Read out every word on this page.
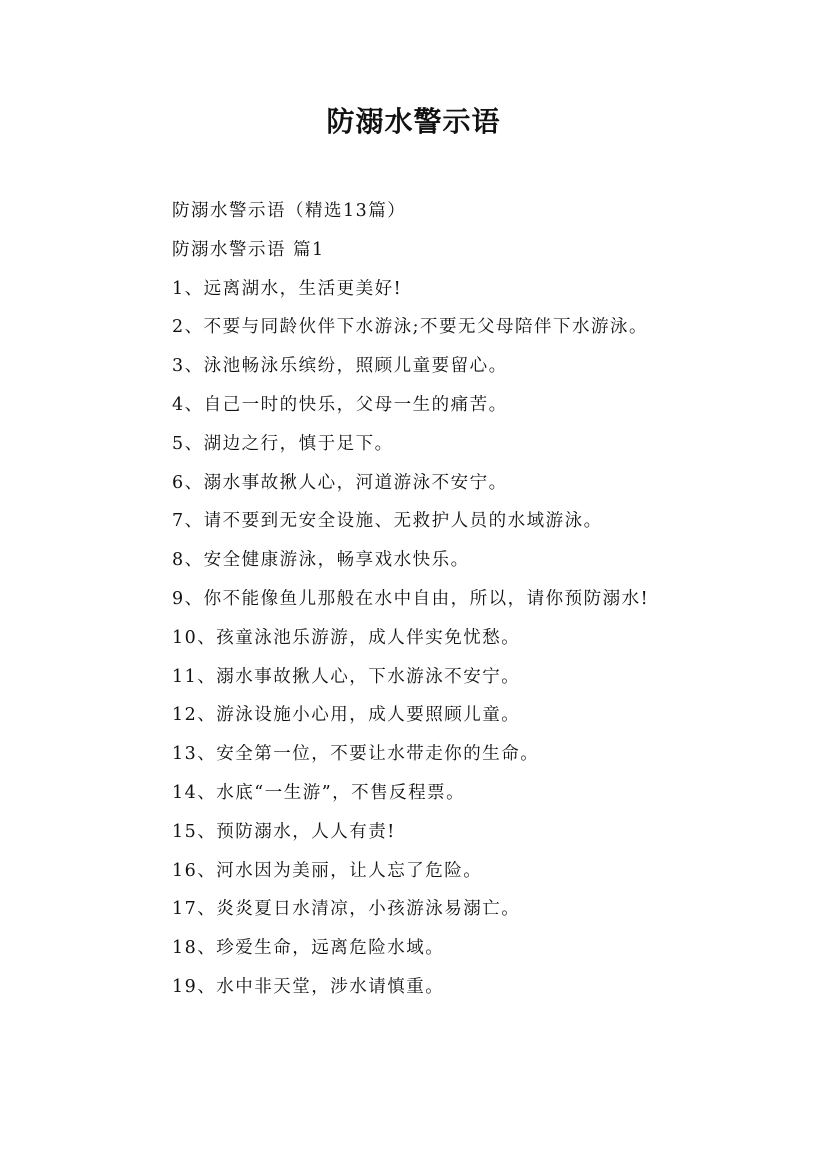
防溺水警示语

防溺水警示语（精选13篇）

防溺水警示语 篇1

1、远离湖水，生活更美好!

2、不要与同龄伙伴下水游泳;不要无父母陪伴下水游泳。

3、泳池畅泳乐缤纷，照顾儿童要留心。

4、自己一时的快乐，父母一生的痛苦。

5、湖边之行，慎于足下。

6、溺水事故揪人心，河道游泳不安宁。

7、请不要到无安全设施、无救护人员的水域游泳。

8、安全健康游泳，畅享戏水快乐。

9、你不能像鱼儿那般在水中自由，所以，请你预防溺水!

10、孩童泳池乐游游，成人伴实免忧愁。

11、溺水事故揪人心，下水游泳不安宁。

12、游泳设施小心用，成人要照顾儿童。

13、安全第一位，不要让水带走你的生命。

14、水底“一生游”，不售反程票。

15、预防溺水，人人有责!

16、河水因为美丽，让人忘了危险。

17、炎炎夏日水清凉，小孩游泳易溺亡。

18、珍爱生命，远离危险水域。

19、水中非天堂，涉水请慎重。
